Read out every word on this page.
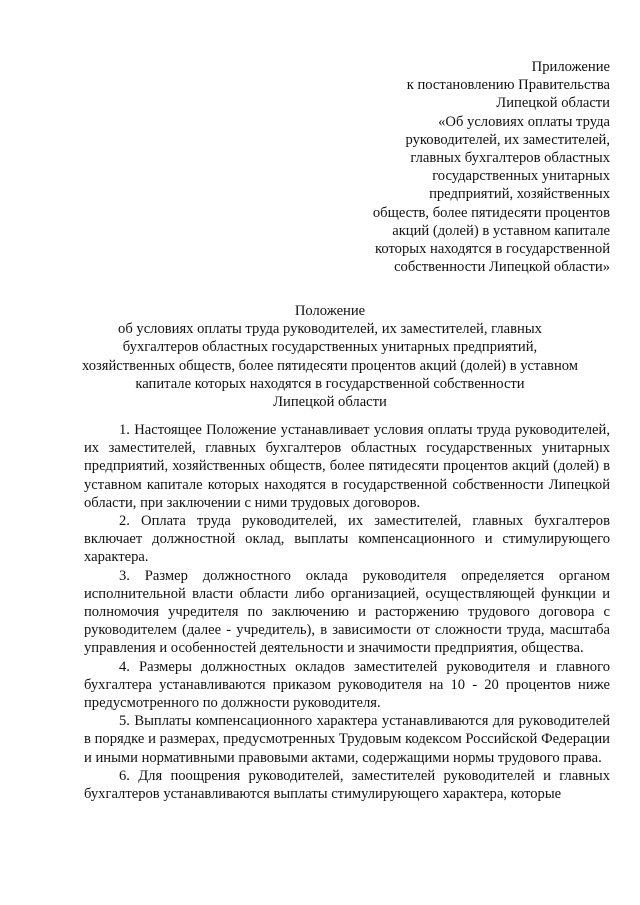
Приложение
к постановлению Правительства
Липецкой области
«Об условиях оплаты труда
руководителей, их заместителей,
главных бухгалтеров областных
государственных унитарных
предприятий, хозяйственных
обществ, более пятидесяти процентов
акций (долей) в уставном капитале
которых находятся в государственной
собственности Липецкой области»
Положение
об условиях оплаты труда руководителей, их заместителей, главных
бухгалтеров областных государственных унитарных предприятий,
хозяйственных обществ, более пятидесяти процентов акций (долей) в уставном
капитале которых находятся в государственной собственности
Липецкой области

1. Настоящее Положение устанавливает условия оплаты труда руководителей, их заместителей, главных бухгалтеров областных государственных унитарных предприятий, хозяйственных обществ, более пятидесяти процентов акций (долей) в уставном капитале которых находятся в государственной собственности Липецкой области, при заключении с ними трудовых договоров.

2. Оплата труда руководителей, их заместителей, главных бухгалтеров включает должностной оклад, выплаты компенсационного и стимулирующего характера.

3. Размер должностного оклада руководителя определяется органом исполнительной власти области либо организацией, осуществляющей функции и полномочия учредителя по заключению и расторжению трудового договора с руководителем (далее - учредитель), в зависимости от сложности труда, масштаба управления и особенностей деятельности и значимости предприятия, общества.

4. Размеры должностных окладов заместителей руководителя и главного бухгалтера устанавливаются приказом руководителя на 10 - 20 процентов ниже предусмотренного по должности руководителя.

5. Выплаты компенсационного характера устанавливаются для руководителей в порядке и размерах, предусмотренных Трудовым кодексом Российской Федерации и иными нормативными правовыми актами, содержащими нормы трудового права.

6. Для поощрения руководителей, заместителей руководителей и главных бухгалтеров устанавливаются выплаты стимулирующего характера, которые
